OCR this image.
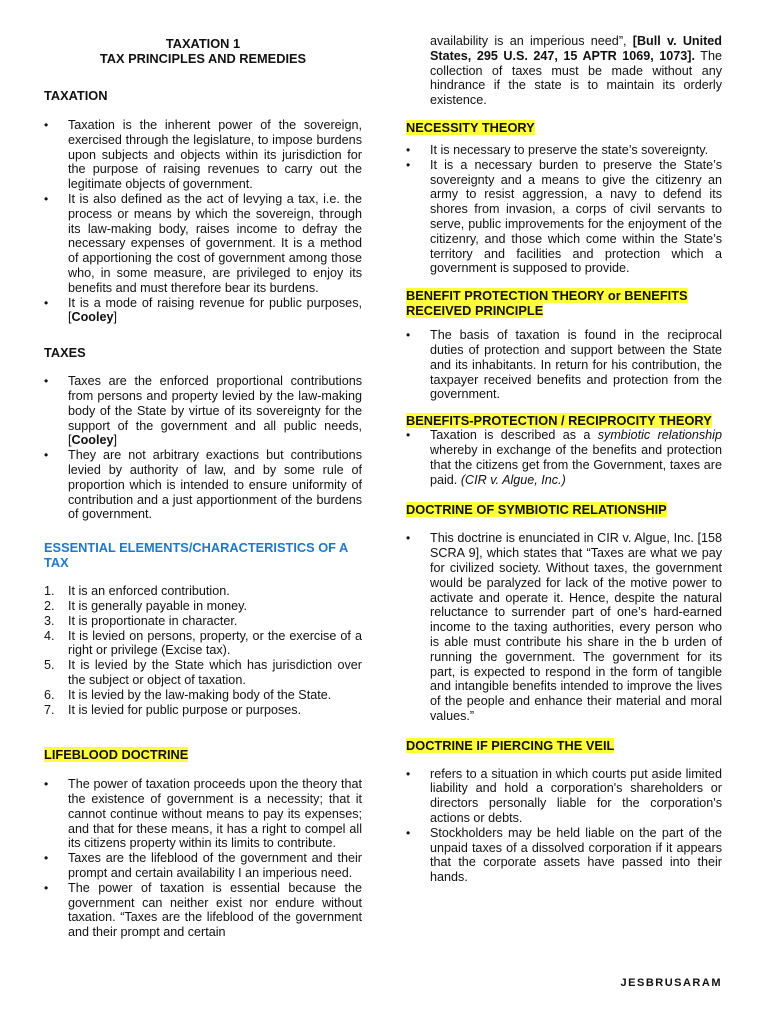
TAXATION 1

TAX PRINCIPLES AND REMEDIES

TAXATION

• Taxation is the inherent power of the sovereign, exercised through the legislature, to impose burdens upon subjects and objects within its jurisdiction for the purpose of raising revenues to carry out the legitimate objects of government.
• It is also defined as the act of levying a tax, i.e. the process or means by which the sovereign, through its law-making body, raises income to defray the necessary expenses of government. It is a method of apportioning the cost of government among those who, in some measure, are privileged to enjoy its benefits and must therefore bear its burdens.
• It is a mode of raising revenue for public purposes, [Cooley]

TAXES

• Taxes are the enforced proportional contributions from persons and property levied by the law-making body of the State by virtue of its sovereignty for the support of the government and all public needs, [Cooley]
• They are not arbitrary exactions but contributions levied by authority of law, and by some rule of proportion which is intended to ensure uniformity of contribution and a just apportionment of the burdens of government.

ESSENTIAL ELEMENTS/CHARACTERISTICS OF A TAX

1. It is an enforced contribution.
2. It is generally payable in money.
3. It is proportionate in character.
4. It is levied on persons, property, or the exercise of a right or privilege (Excise tax).
5. It is levied by the State which has jurisdiction over the subject or object of taxation.
6. It is levied by the law-making body of the State.
7. It is levied for public purpose or purposes.

LIFEBLOOD DOCTRINE

• The power of taxation proceeds upon the theory that the existence of government is a necessity; that it cannot continue without means to pay its expenses; and that for these means, it has a right to compel all its citizens property within its limits to contribute.
• Taxes are the lifeblood of the government and their prompt and certain availability I an imperious need.
• The power of taxation is essential because the government can neither exist nor endure without taxation. “Taxes are the lifeblood of the government and their prompt and certain

availability is an imperious need”, [Bull v. United States, 295 U.S. 247, 15 APTR 1069, 1073]. The collection of taxes must be made without any hindrance if the state is to maintain its orderly existence.

NECESSITY THEORY

• It is necessary to preserve the state’s sovereignty.
• It is a necessary burden to preserve the State’s sovereignty and a means to give the citizenry an army to resist aggression, a navy to defend its shores from invasion, a corps of civil servants to serve, public improvements for the enjoyment of the citizenry, and those which come within the State’s territory and facilities and protection which a government is supposed to provide.

BENEFIT PROTECTION THEORY or BENEFITS RECEIVED PRINCIPLE

• The basis of taxation is found in the reciprocal duties of protection and support between the State and its inhabitants. In return for his contribution, the taxpayer received benefits and protection from the government.

BENEFITS-PROTECTION / RECIPROCITY THEORY

• Taxation is described as a symbiotic relationship whereby in exchange of the benefits and protection that the citizens get from the Government, taxes are paid. (CIR v. Algue, Inc.)

DOCTRINE OF SYMBIOTIC RELATIONSHIP

• This doctrine is enunciated in CIR v. Algue, Inc. [158 SCRA 9], which states that “Taxes are what we pay for civilized society. Without taxes, the government would be paralyzed for lack of the motive power to activate and operate it. Hence, despite the natural reluctance to surrender part of one’s hard-earned income to the taxing authorities, every person who is able must contribute his share in the b urden of running the government. The government for its part, is expected to respond in the form of tangible and intangible benefits intended to improve the lives of the people and enhance their material and moral values.”

DOCTRINE IF PIERCING THE VEIL

• refers to a situation in which courts put aside limited liability and hold a corporation's shareholders or directors personally liable for the corporation's actions or debts.
• Stockholders may be held liable on the part of the unpaid taxes of a dissolved corporation if it appears that the corporate assets have passed into their hands.
JESBRUSARAM
